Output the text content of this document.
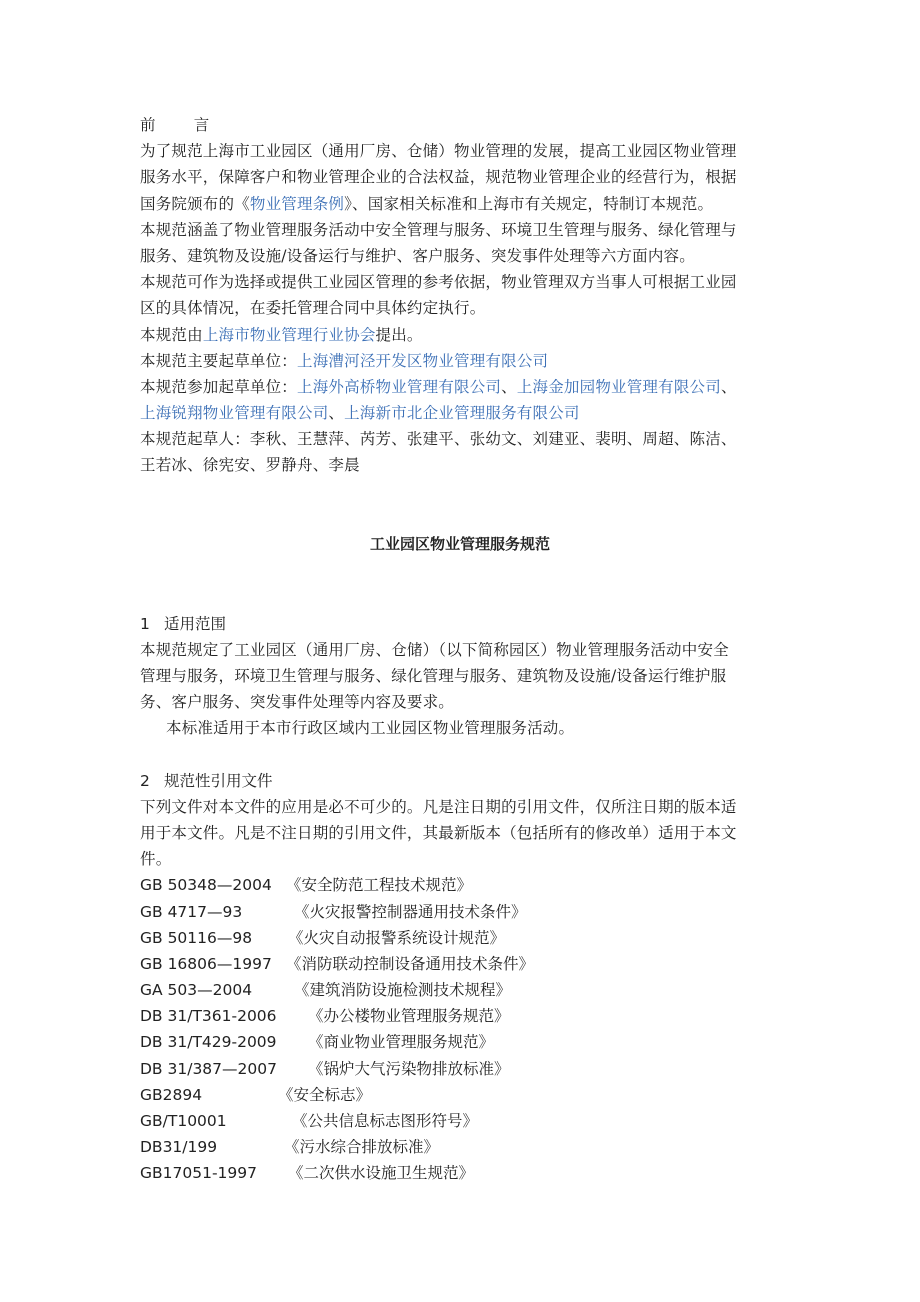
前 言
为了规范上海市工业园区（通用厂房、仓储）物业管理的发展，提高工业园区物业管理
服务水平，保障客户和物业管理企业的合法权益，规范物业管理企业的经营行为，根据
国务院颁布的《物业管理条例》、国家相关标准和上海市有关规定，特制订本规范。
本规范涵盖了物业管理服务活动中安全管理与服务、环境卫生管理与服务、绿化管理与
服务、建筑物及设施/设备运行与维护、客户服务、突发事件处理等六方面内容。
本规范可作为选择或提供工业园区管理的参考依据，物业管理双方当事人可根据工业园
区的具体情况，在委托管理合同中具体约定执行。
本规范由上海市物业管理行业协会提出。
本规范主要起草单位：上海漕河泾开发区物业管理有限公司
本规范参加起草单位：上海外高桥物业管理有限公司、上海金加园物业管理有限公司、
上海锐翔物业管理有限公司、上海新市北企业管理服务有限公司
本规范起草人：李秋、王慧萍、芮芳、张建平、张幼文、刘建亚、裴明、周超、陈洁、
王若冰、徐宪安、罗静舟、李晨
工业园区物业管理服务规范
1 适用范围
本规范规定了工业园区（通用厂房、仓储）（以下简称园区）物业管理服务活动中安全
管理与服务，环境卫生管理与服务、绿化管理与服务、建筑物及设施/设备运行维护服
务、客户服务、突发事件处理等内容及要求。
本标准适用于本市行政区域内工业园区物业管理服务活动。
2 规范性引用文件
下列文件对本文件的应用是必不可少的。凡是注日期的引用文件，仅所注日期的版本适
用于本文件。凡是不注日期的引用文件，其最新版本（包括所有的修改单）适用于本文
件。
GB 50348—2004 《安全防范工程技术规范》
GB 4717—93	《火灾报警控制器通用技术条件》
GB 50116—98 《火灾自动报警系统设计规范》
GB 16806—1997 《消防联动控制设备通用技术条件》
GA 503—2004	《建筑消防设施检测技术规程》
DB 31/T361-2006 《办公楼物业管理服务规范》
DB 31/T429-2009 《商业物业管理服务规范》
DB 31/387—2007 《锅炉大气污染物排放标准》
GB2894	《安全标志》
GB/T10001	《公共信息标志图形符号》
DB31/199	《污水综合排放标准》
GB17051-1997 《二次供水设施卫生规范》
